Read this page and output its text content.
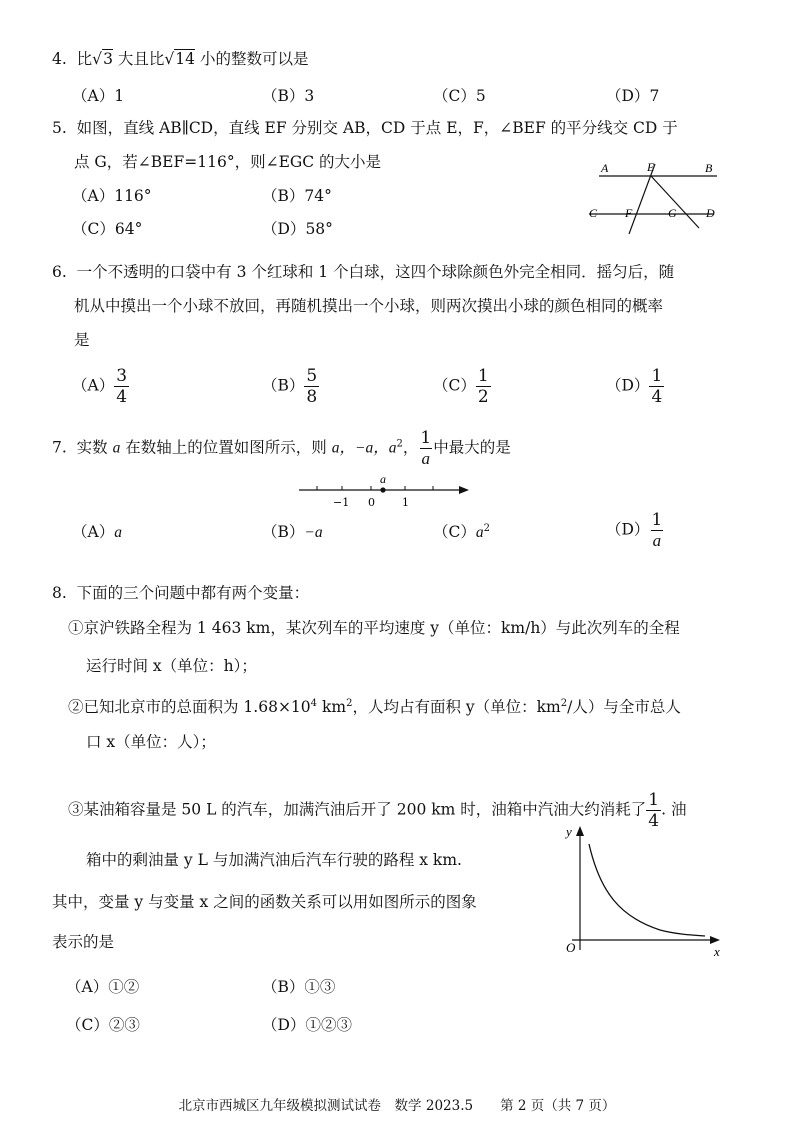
4. 比√3 大且比√14 小的整数可以是
（A）1	（B）3	（C）5	（D）7
5. 如图，直线 AB∥CD，直线 EF 分别交 AB，CD 于点 E，F，∠BEF 的平分线交 CD 于
点 G，若∠BEF=116°，则∠EGC 的大小是
（A）116°	（B）74°
（C）64°	（D）58°
A	E	B
C F	G D
6. 一个不透明的口袋中有 3 个红球和 1 个白球，这四个球除颜色外完全相同．摇匀后，随
机从中摸出一个小球不放回，再随机摸出一个小球，则两次摸出小球的颜色相同的概率
是
$(A) \frac{3}{4}$	$(B) \frac{5}{8}$	$(C) \frac{1}{2}$	$(D) \frac{1}{4}$
7. 实数 a 在数轴上的位置如图所示，则 a，−a，$a^2$， $\frac{1}{a}$ 中最大的是
a
−1 0 1
（A）a	（B）−a	$(C)a^2$	$(D) \frac{1}{a}$
8. 下面的三个问题中都有两个变量：
①京沪铁路全程为 1 463 km，某次列车的平均速度 y（单位：km/h）与此次列车的全程
运行时间 x（单位：h）；
②已知北京市的总面积为 $1.68\times 10^4$ $km^2$，人均占有面积 y（单位：$km^2/$人）与全市总人
口 x（单位：人）；
③某油箱容量是 50 L 的汽车，加满汽油后开了 200 km 时，油箱中汽油大约消耗了 $\frac{1}{4}$ . 油
箱中的剩油量 y L 与加满汽油后汽车行驶的路程 x km.
其中，变量 y 与变量 x 之间的函数关系可以用如图所示的图象
表示的是
y
x
O
（A）①②	（B）①③
（C）②③	（D）①②③
北京市西城区九年级模拟测试试卷　数学 2023.5　　第 2 页（共 7 页）
